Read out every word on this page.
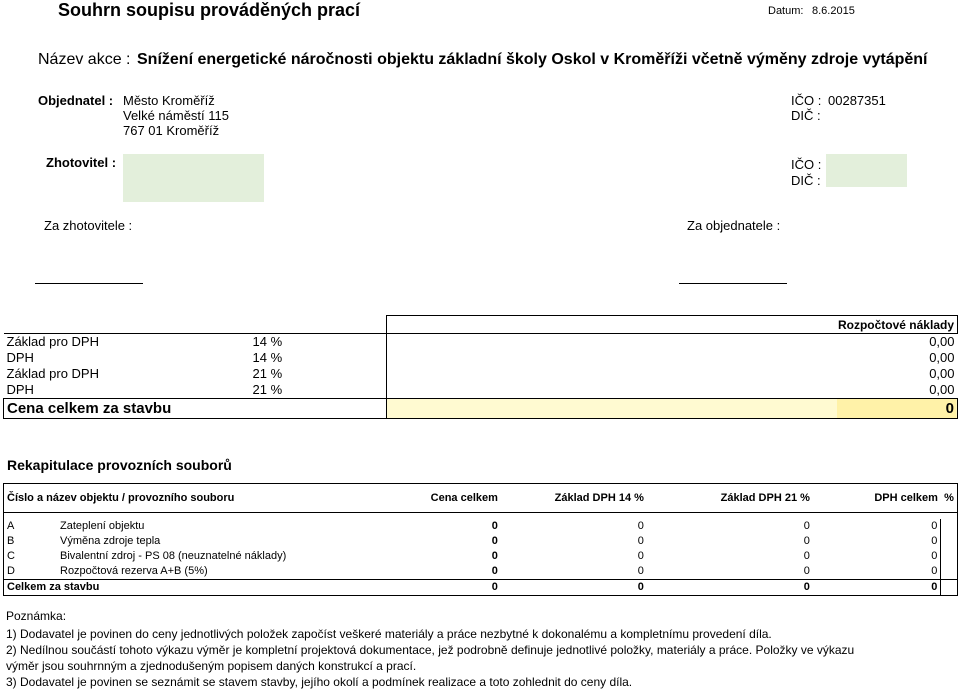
Souhrn soupisu prováděných prací	Datum: 8.6.2015
Název akce : Snížení energetické náročnosti objektu základní školy Oskol v Kroměříži včetně výměny zdroje vytápění
Objednatel : Město Kroměříž
Velké náměstí 115
767 01 Kroměříž
IČO : 00287351
DIČ :
Zhotovitel :	IČO :
DIČ :
Za zhotovitele :	Za objednatele :
		Rozpočtové náklady
Základ pro DPH	14 %	0,00
DPH	14 %	0,00
Základ pro DPH	21 %	0,00
DPH	21 %	0,00
Cena celkem za stavbu		0
Rekapitulace provozních souborů
Číslo a název objektu / provozního souboru		Cena celkem	Základ DPH 14 %	Základ DPH 21 %	DPH celkem	%

A	Zateplení objektu	0	0	0	0	
B	Výměna zdroje tepla	0	0	0	0	
C	Bivalentní zdroj - PS 08 (neuznatelné náklady)	0	0	0	0	
D	Rozpočtová rezerva A+B (5%)	0	0	0	0	
Celkem za stavbu		0	0	0	0	
Poznámka:
1) Dodavatel je povinen do ceny jednotlivých položek započíst veškeré materiály a práce nezbytné k dokonalému a kompletnímu provedení díla.
2) Nedílnou součástí tohoto výkazu výměr je kompletní projektová dokumentace, jež podrobně definuje jednotlivé položky, materiály a práce. Položky ve výkazu
výměr jsou souhrnným a zjednodušeným popisem daných konstrukcí a prací.
3) Dodavatel je povinen se seznámit se stavem stavby, jejího okolí a podmínek realizace a toto zohlednit do ceny díla.
